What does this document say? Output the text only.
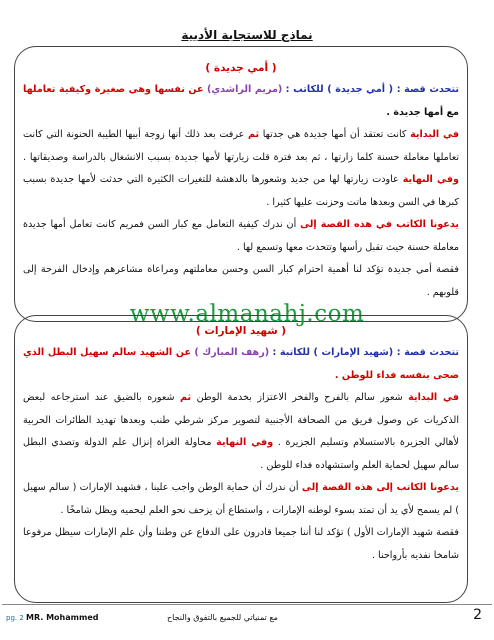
نماذج للاستجابة الأدبية
( أمي جديدة )

تتحدث قصة : ( أمي جديدة ) للكاتب : (مريم الراشدي) عن نفسها وهي صغيرة وكيفية تعاملها مع أمها جديدة .

في البداية كانت تعتقد أن أمها جديدة هي جدتها ثم عرفت بعد ذلك أنها زوجة أبيها الطيبة الحنونة التي كانت تعاملها معاملة حسنة كلما زارتها ، ثم بعد فترة قلت زيارتها لأمها جديدة بسبب الانشغال بالدراسة وصديقاتها . وفي النهاية عاودت زيارتها لها من جديد وشعورها بالدهشة للتغيرات الكثيرة التي حدثت لأمها جديدة بسبب كبرها في السن وبعدها ماتت وحزنت عليها كثيرا .

يدعونا الكاتب في هذه القصة إلى أن ندرك كيفية التعامل مع كبار السن فمريم كانت تعامل أمها جديدة معاملة حسنة حيث تقبل رأسها وتتحدث معها وتسمع لها .

فقصة أمي جديدة تؤكد لنا أهمية احترام كبار السن وحسن معاملتهم ومراعاة مشاعرهم وإدخال الفرحة إلى قلوبهم .

www.almanahj.com
( شهيد الإمارات )

تتحدث قصة : (شهيد الإمارات ) للكاتبة : (رهف المبارك ) عن الشهيد سالم سهيل البطل الذي ضحى بنفسه فداء للوطن .

في البداية شعور سالم بالفرح والفخر الاعتزاز بخدمة الوطن ثم شعوره بالضيق عند استرجاعه لبعض الذكريات عن وصول فريق من الصحافة الأجنبية لتصوير مركز شرطي طنب وبعدها تهديد الطائرات الحربية لأهالي الجزيرة بالاستسلام وتسليم الجزيرة . وفي النهاية محاولة الغزاة إنزال علم الدولة وتصدي البطل سالم سهيل لحماية العلم واستشهاده فداء للوطن .

يدعونا الكاتب إلى هذه القصة إلى أن ندرك أن حماية الوطن واجب علينا ، فشهيد الإمارات ( سالم سهيل ) لم يسمح لأي يد أن تمتد بسوء لوطنه الإمارات ، واستطاع أن يزحف نحو العلم ليحميه ويظل شامخًا .

فقصة شهيد الإمارات الأول ) تؤكد لنا أننا جميعا قادرون على الدفاع عن وطننا وأن علم الإمارات سيظل مرفوعا شامخا نفديه بأرواحنا .

pg. 2 MR. Mohammed	مع تمنياتي للجميع بالتفوق والنجاح	2
